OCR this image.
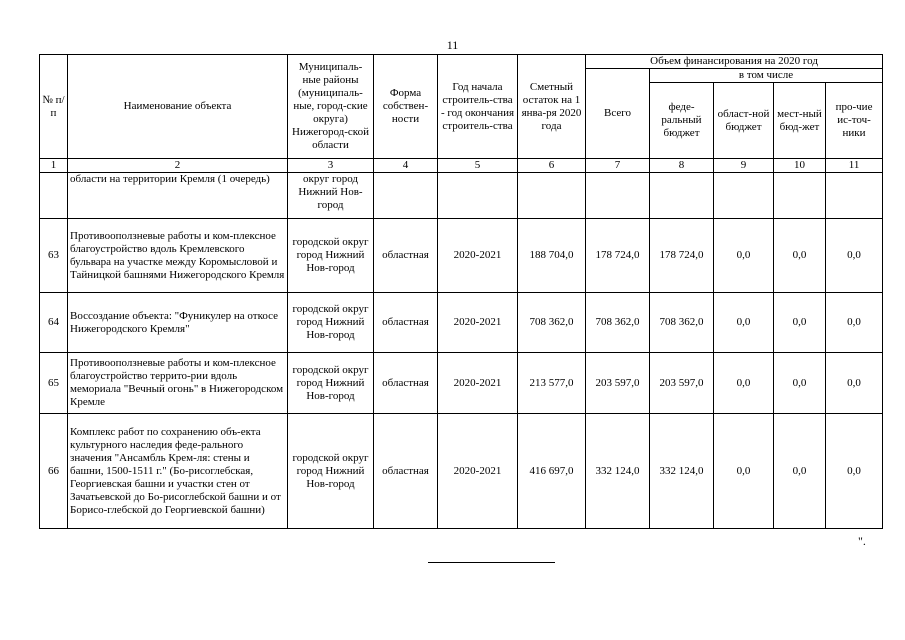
11
№ п/п	Наименование объекта	Муниципаль-ные районы (муниципаль-ные, город-ские округа) Нижегород-ской области	Форма собствен-ности	Год начала строитель-ства - год окончания строитель-ства	Сметный остаток на 1 янва-ря 2020 года	Объем финансирования на 2020 год				
						Всего	в том числе			
							феде-ральный бюджет	област-ной бюджет	мест-ный бюд-жет	про-чие ис-точ-ники
1	2	3	4	5	6	7	8	9	10	11
	области на территории Кремля (1 очередь)	округ город Нижний Нов-город								
63	Противооползневые работы и ком-плексное благоустройство вдоль Кремлевского бульвара на участке между Коромысловой и Тайницкой башнями Нижегородского Кремля	городской округ город Нижний Нов-город	областная	2020-2021	188 704,0	178 724,0	178 724,0	0,0	0,0	0,0
64	Воссоздание объекта: "Фуникулер на откосе Нижегородского Кремля"	городской округ город Нижний Нов-город	областная	2020-2021	708 362,0	708 362,0	708 362,0	0,0	0,0	0,0
65	Противооползневые работы и ком-плексное благоустройство террито-рии вдоль мемориала "Вечный огонь" в Нижегородском Кремле	городской округ город Нижний Нов-город	областная	2020-2021	213 577,0	203 597,0	203 597,0	0,0	0,0	0,0
66	Комплекс работ по сохранению объ-екта культурного наследия феде-рального значения "Ансамбль Крем-ля: стены и башни, 1500-1511 г." (Бо-рисоглебская, Георгиевская башни и участки стен от Зачатьевской до Бо-рисоглебской башни и от Борисо-глебской до Георгиевской башни)	городской округ город Нижний Нов-город	областная	2020-2021	416 697,0	332 124,0	332 124,0	0,0	0,0	0,0
".
